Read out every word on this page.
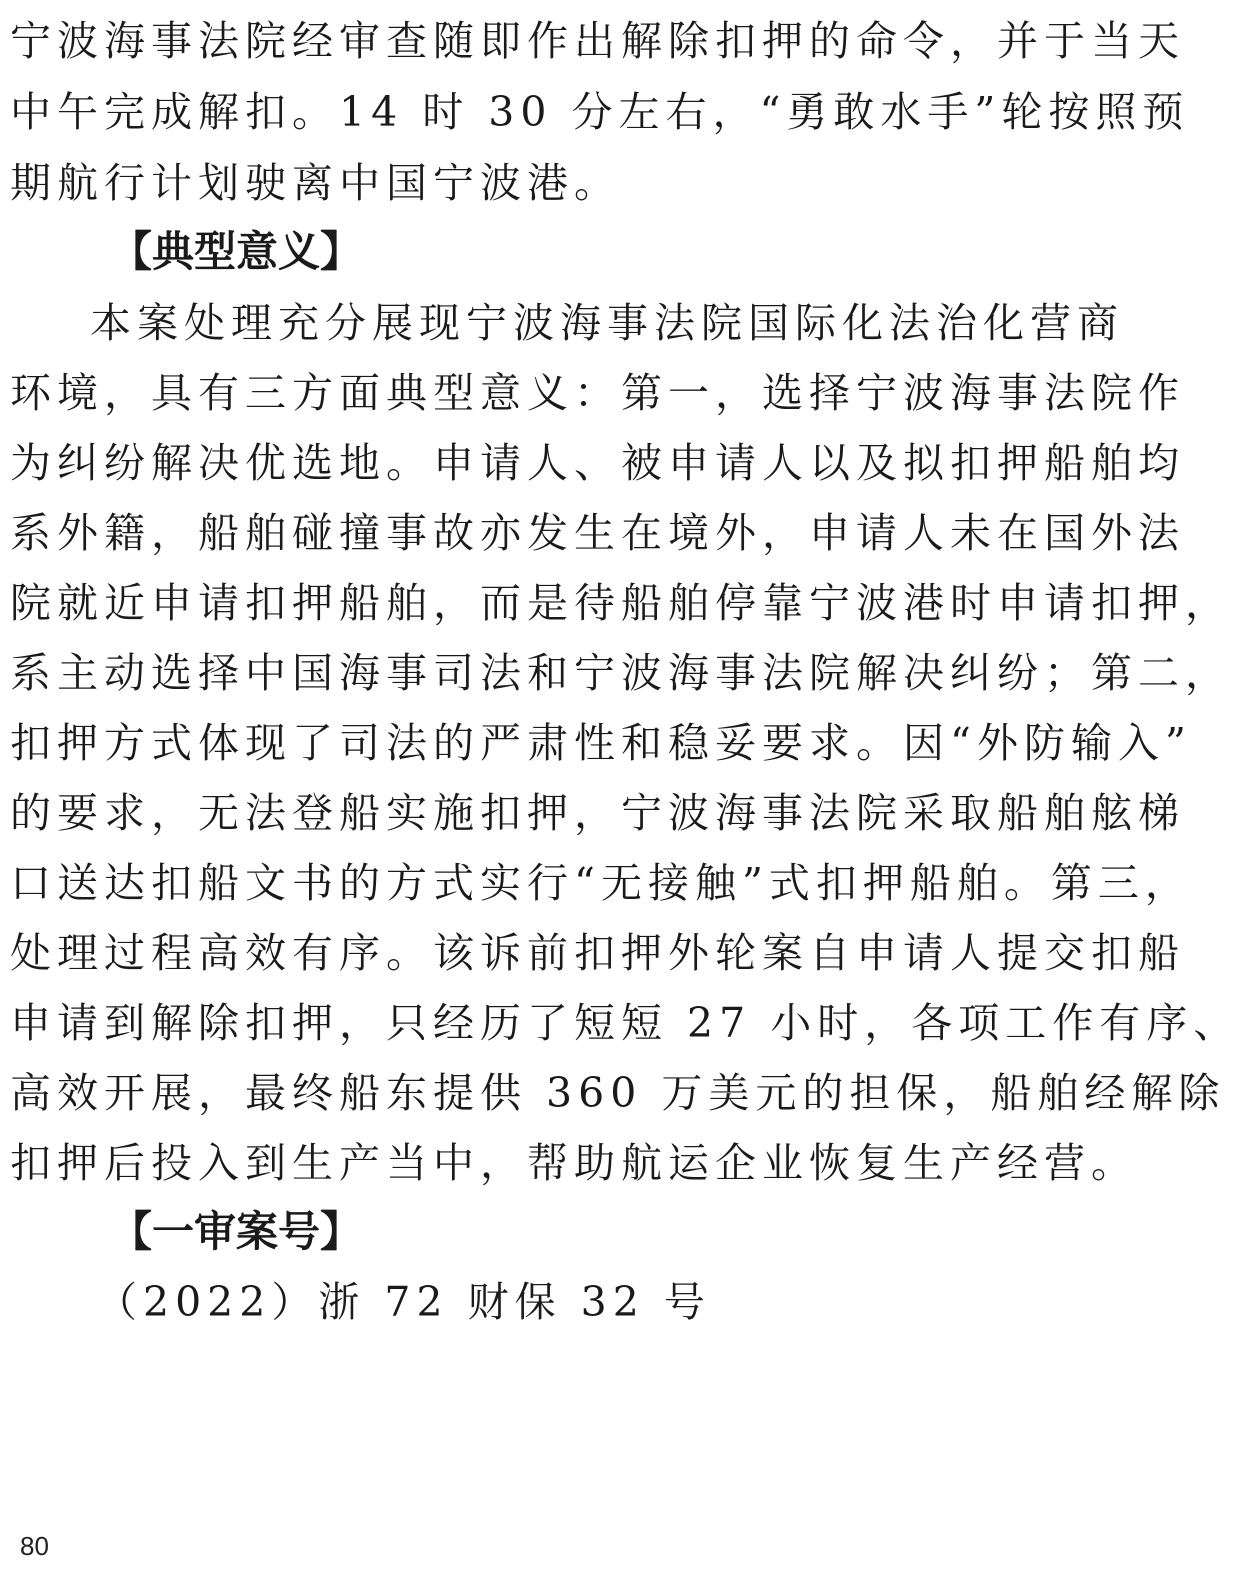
宁波海事法院经审查随即作出解除扣押的命令，并于当天
中午完成解扣。14 时 30 分左右，“勇敢水手”轮按照预
期航行计划驶离中国宁波港。
【典型意义】
本案处理充分展现宁波海事法院国际化法治化营商
环境，具有三方面典型意义：第一，选择宁波海事法院作
为纠纷解决优选地。申请人、被申请人以及拟扣押船舶均
系外籍，船舶碰撞事故亦发生在境外，申请人未在国外法
院就近申请扣押船舶，而是待船舶停靠宁波港时申请扣押，
系主动选择中国海事司法和宁波海事法院解决纠纷；第二，
扣押方式体现了司法的严肃性和稳妥要求。因“外防输入”
的要求，无法登船实施扣押，宁波海事法院采取船舶舷梯
口送达扣船文书的方式实行“无接触”式扣押船舶。第三，
处理过程高效有序。该诉前扣押外轮案自申请人提交扣船
申请到解除扣押，只经历了短短 27 小时，各项工作有序、
高效开展，最终船东提供 360 万美元的担保，船舶经解除
扣押后投入到生产当中，帮助航运企业恢复生产经营。
【一审案号】
（2022）浙 72 财保 32 号
80
